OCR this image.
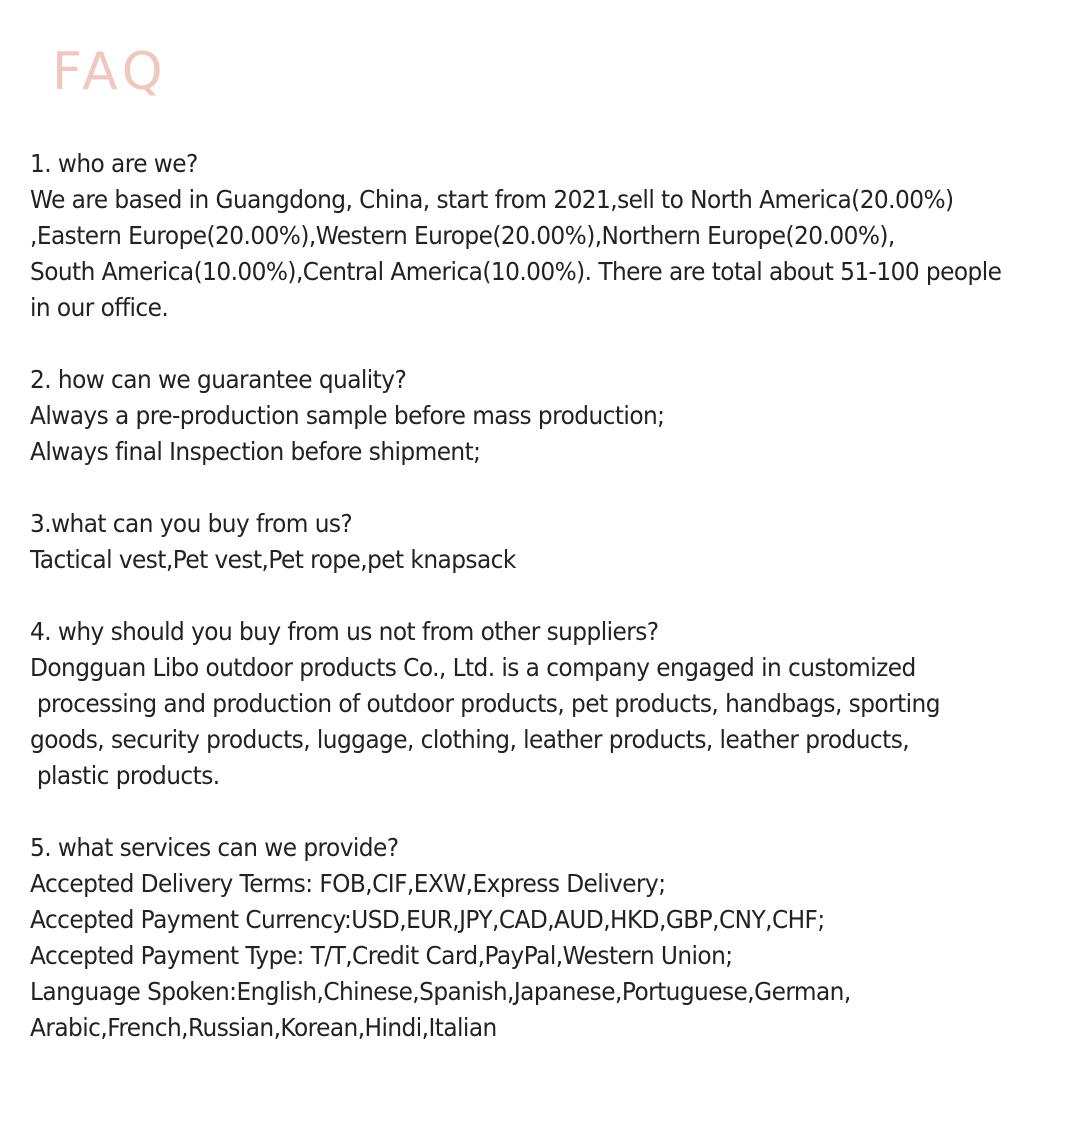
FAQ

1. who are we?

We are based in Guangdong, China, start from 2021,sell to North America(20.00%)

,Eastern Europe(20.00%),Western Europe(20.00%),Northern Europe(20.00%),

South America(10.00%),Central America(10.00%). There are total about 51-100 people

in our office.

2. how can we guarantee quality?

Always a pre-production sample before mass production;

Always final Inspection before shipment;

3.what can you buy from us?

Tactical vest,Pet vest,Pet rope,pet knapsack

4. why should you buy from us not from other suppliers?

Dongguan Libo outdoor products Co., Ltd. is a company engaged in customized

processing and production of outdoor products, pet products, handbags, sporting

goods, security products, luggage, clothing, leather products, leather products,

plastic products.

5. what services can we provide?

Accepted Delivery Terms: FOB,CIF,EXW,Express Delivery;

Accepted Payment Currency:USD,EUR,JPY,CAD,AUD,HKD,GBP,CNY,CHF;

Accepted Payment Type: T/T,Credit Card,PayPal,Western Union;

Language Spoken:English,Chinese,Spanish,Japanese,Portuguese,German,

Arabic,French,Russian,Korean,Hindi,Italian
